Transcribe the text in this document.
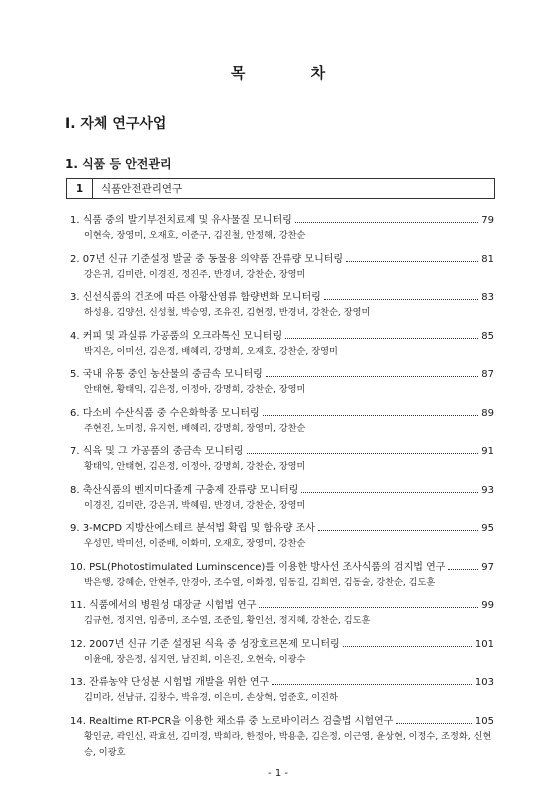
목 차
Ⅰ. 자체 연구사업
1. 식품 등 안전관리
1	식품안전관리연구
1. 식품 중의 발기부전치료제 및 유사물질 모니터링	79
이현숙, 장영미, 오재호, 이준구, 김진철, 안정해, 강찬순
2. 07년 신규 기준설정 발굴 중 동물용 의약품 잔류량 모니터링	81
강은귀, 김미란, 이경진, 정진주, 반경녀, 강찬순, 장영미
3. 신선식품의 건조에 따른 아황산염류 함량변화 모니터링	83
하성용, 김양선, 신성철, 박승영, 조유진, 김현정, 반경녀, 강찬순, 장영미
4. 커피 및 과실류 가공품의 오크라톡신 모니터링	85
박지은, 이미선, 김은정, 배혜리, 강명희, 오재호, 강찬순, 장영미
5. 국내 유통 중인 농산물의 중금속 모니터링	87
안태현, 황태익, 김은정, 이정아, 강명희, 강찬순, 장영미
6. 다소비 수산식품 중 수은화학종 모니터링	89
주현진, 노미정, 유지헌, 배혜리, 강명희, 장영미, 강찬순
7. 식육 및 그 가공품의 중금속 모니터링	91
황태익, 안태현, 김은정, 이정아, 강명희, 강찬순, 장영미
8. 축산식품의 벤지미다졸계 구충제 잔류량 모니터링	93
이경진, 김미란, 강은귀, 박혜림, 반경녀, 강찬순, 장영미
9. 3-MCPD 지방산에스테르 분석법 확립 및 함유량 조사	95
우성민, 박미선, 이준배, 이화미, 오재호, 장영미, 강찬순
10. PSL(Photostimulated Luminscence)를 이용한 방사선 조사식품의 검지법 연구	97
박은행, 강혜순, 안현주, 안경아, 조수열, 이화정, 임동길, 김희연, 김동술, 강찬순, 김도훈
11. 식품에서의 병원성 대장균 시험법 연구	99
김규헌, 정지연, 임종미, 조수열, 조준일, 황인선, 정지혜, 강찬순, 김도훈
12. 2007년 신규 기준 설정된 식육 중 성장호르몬제 모니터링	101
이윤애, 장은정, 심지연, 남진희, 이은진, 오현숙, 이광수
13. 잔류농약 단성분 시험법 개발을 위한 연구	103
김미라, 선남규, 김창수, 박유경, 이은미, 손상혁, 엄준호, 이진하
14. Realtime RT-PCR을 이용한 채소류 중 노로바이러스 검출법 시험연구	105
황인균, 곽인신, 곽효선, 김미경, 박희라, 한정아, 박용춘, 김은정, 이근영, 윤상현, 이정수, 조정화, 신현승, 이광호
- 1 -
